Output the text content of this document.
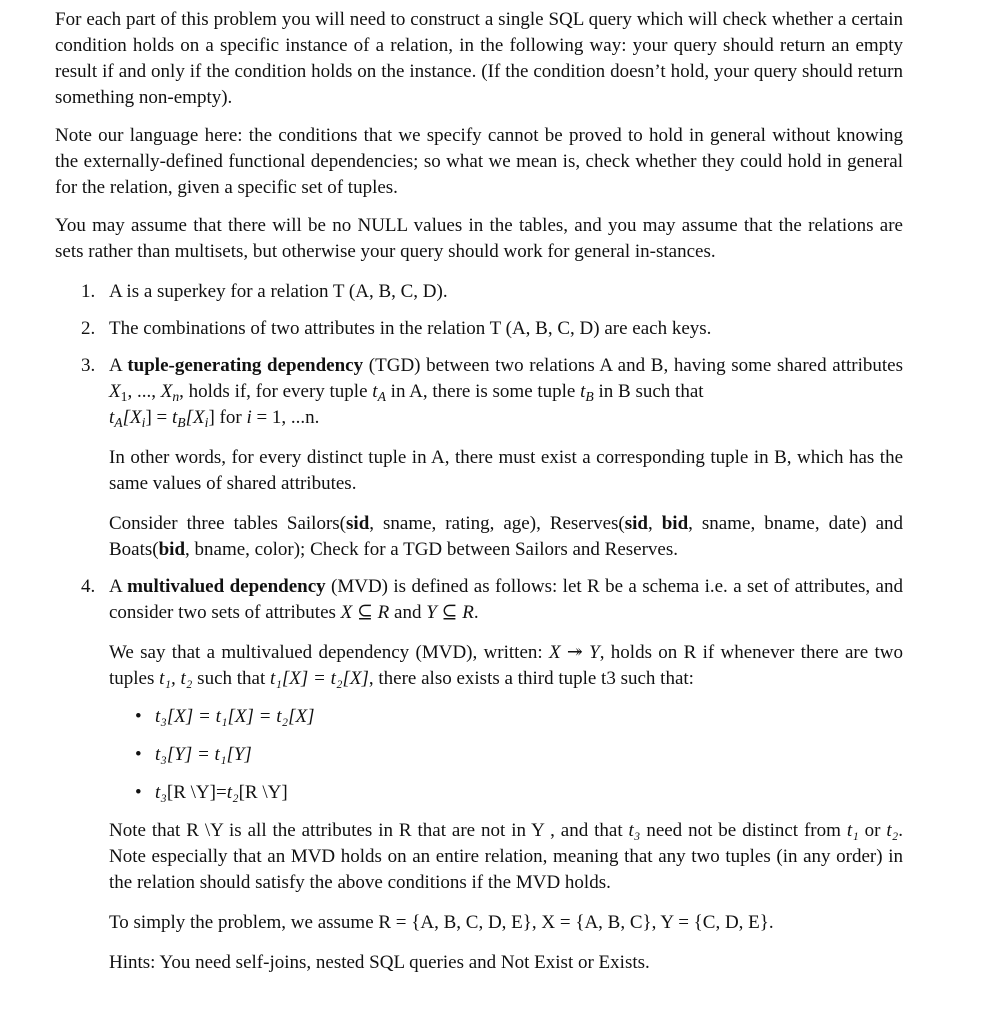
For each part of this problem you will need to construct a single SQL query which will check whether a certain condition holds on a specific instance of a relation, in the following way: your query should return an empty result if and only if the condition holds on the instance. (If the condition doesn’t hold, your query should return something non-empty).

Note our language here: the conditions that we specify cannot be proved to hold in general without knowing the externally-defined functional dependencies; so what we mean is, check whether they could hold in general for the relation, given a specific set of tuples.

You may assume that there will be no NULL values in the tables, and you may assume that the relations are sets rather than multisets, but otherwise your query should work for general in-stances.

1. A is a superkey for a relation T (A, B, C, D).
2. The combinations of two attributes in the relation T (A, B, C, D) are each keys.
3. A tuple-generating dependency (TGD) between two relations A and B, having some shared attributes $X_1$, ..., $X_n$, holds if, for every tuple $t_A$ in A, there is some tuple $t_B$ in B such that
$t_A[X_i] = t_B[X_i]$ for i = 1, ...n.

In other words, for every distinct tuple in A, there must exist a corresponding tuple in B, which has the same values of shared attributes.

Consider three tables Sailors(sid, sname, rating, age), Reserves(sid, bid, sname, bname, date) and Boats(bid, bname, color); Check for a TGD between Sailors and Reserves.

4. A multivalued dependency (MVD) is defined as follows: let R be a schema i.e. a set of attributes, and consider two sets of attributes X ⊆ R and Y ⊆ R.

We say that a multivalued dependency (MVD), written: X ↠ Y, holds on R if whenever there are two tuples t₁, t₂ such that t₁[X] = t₂[X], there also exists a third tuple t3 such that:

• t₃[X] = t₁[X] = t₂[X]
• t₃[Y] = t₁[Y]
• t₃[R \Y]=t₂[R \Y]

Note that R \Y is all the attributes in R that are not in Y , and that t₃ need not be distinct from t₁ or t₂. Note especially that an MVD holds on an entire relation, meaning that any two tuples (in any order) in the relation should satisfy the above conditions if the MVD holds.

To simply the problem, we assume R = {A, B, C, D, E}, X = {A, B, C}, Y = {C, D, E}.

Hints: You need self-joins, nested SQL queries and Not Exist or Exists.
